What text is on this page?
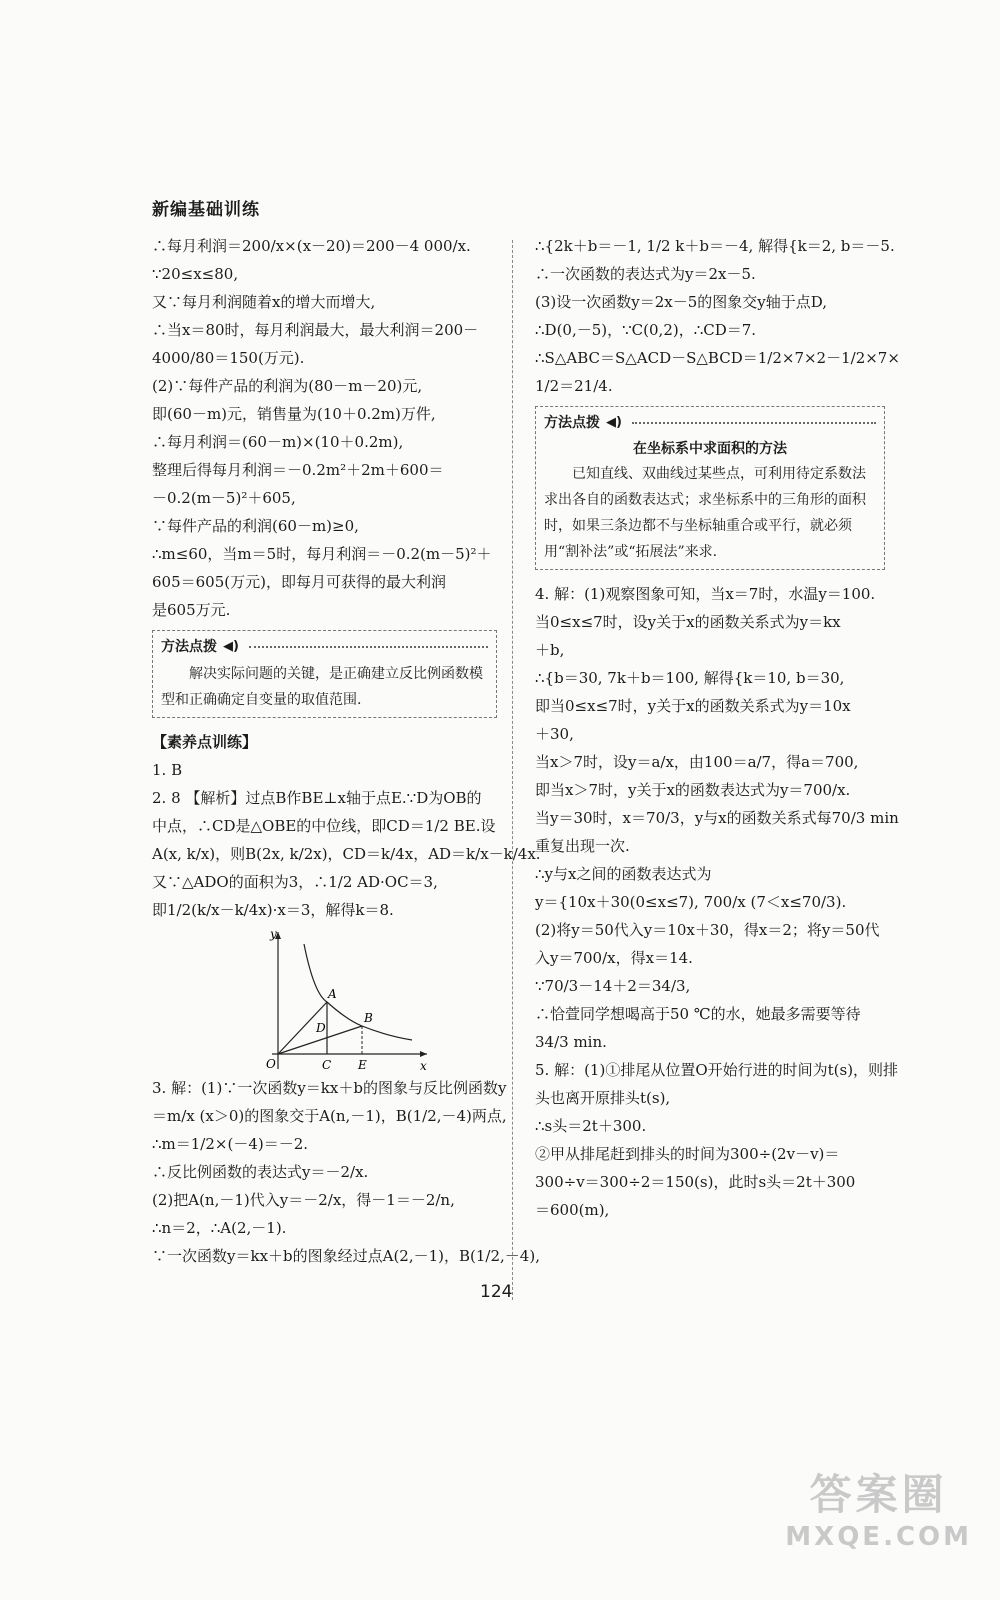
新编基础训练
∴每月利润＝200/x×(x－20)＝200－4 000/x.
∵20≤x≤80,
又∵每月利润随着x的增大而增大,
∴当x＝80时，每月利润最大，最大利润＝200－
4000/80＝150(万元).
(2)∵每件产品的利润为(80－m－20)元,
即(60－m)元，销售量为(10＋0.2m)万件,
∴每月利润＝(60－m)×(10＋0.2m),
整理后得每月利润＝－0.2m²＋2m＋600＝
－0.2(m－5)²＋605,
∵每件产品的利润(60－m)≥0,
∴m≤60，当m＝5时，每月利润＝－0.2(m－5)²＋
605＝605(万元)，即每月可获得的最大利润
是605万元.
方法点拨 ◀)
解决实际问题的关键，是正确建立反比例函数模型和正确确定自变量的取值范围.
【素养点训练】
1. B
2. 8 【解析】过点B作BE⊥x轴于点E.∵D为OB的
中点，∴CD是△OBE的中位线，即CD＝1/2 BE.设
A(x, k/x)，则B(2x, k/2x)，CD＝k/4x，AD＝k/x－k/4x.
又∵△ADO的面积为3，∴1/2 AD·OC＝3,
即1/2(k/x－k/4x)·x＝3，解得k＝8.
y
x
O
A
B
C
D
E
3. 解：(1)∵一次函数y＝kx＋b的图象与反比例函数y
＝m/x (x＞0)的图象交于A(n,－1)，B(1/2,－4)两点,
∴m＝1/2×(－4)＝－2.
∴反比例函数的表达式y＝－2/x.
(2)把A(n,－1)代入y＝－2/x，得－1＝－2/n,
∴n＝2，∴A(2,－1).
∵一次函数y＝kx＋b的图象经过点A(2,－1)，B(1/2,－4),
∴{2k＋b＝－1, 1/2 k＋b＝－4, 解得{k＝2, b＝－5.
∴一次函数的表达式为y＝2x－5.
(3)设一次函数y＝2x－5的图象交y轴于点D,
∴D(0,－5)，∵C(0,2)，∴CD＝7.
∴S△ABC＝S△ACD－S△BCD＝1/2×7×2－1/2×7×
1/2＝21/4.
方法点拨 ◀)
在坐标系中求面积的方法
已知直线、双曲线过某些点，可利用待定系数法求出各自的函数表达式；求坐标系中的三角形的面积时，如果三条边都不与坐标轴重合或平行，就必须用“割补法”或“拓展法”来求.
4. 解：(1)观察图象可知，当x＝7时，水温y＝100.
当0≤x≤7时，设y关于x的函数关系式为y＝kx
＋b,
∴{b＝30, 7k＋b＝100, 解得{k＝10, b＝30,
即当0≤x≤7时，y关于x的函数关系式为y＝10x
＋30,
当x＞7时，设y＝a/x，由100＝a/7，得a＝700,
即当x＞7时，y关于x的函数表达式为y＝700/x.
当y＝30时，x＝70/3，y与x的函数关系式每70/3 min
重复出现一次.
∴y与x之间的函数表达式为
y＝{10x＋30(0≤x≤7), 700/x (7＜x≤70/3).
(2)将y＝50代入y＝10x＋30，得x＝2；将y＝50代
入y＝700/x，得x＝14.
∵70/3－14＋2＝34/3,
∴恰萱同学想喝高于50 ℃的水，她最多需要等待
34/3 min.
5. 解：(1)①排尾从位置O开始行进的时间为t(s)，则排
头也离开原排头t(s),
∴s头＝2t＋300.
②甲从排尾赶到排头的时间为300÷(2v－v)＝
300÷v＝300÷2＝150(s)，此时s头＝2t＋300
＝600(m),
124
答案圈
MXQE.COM
